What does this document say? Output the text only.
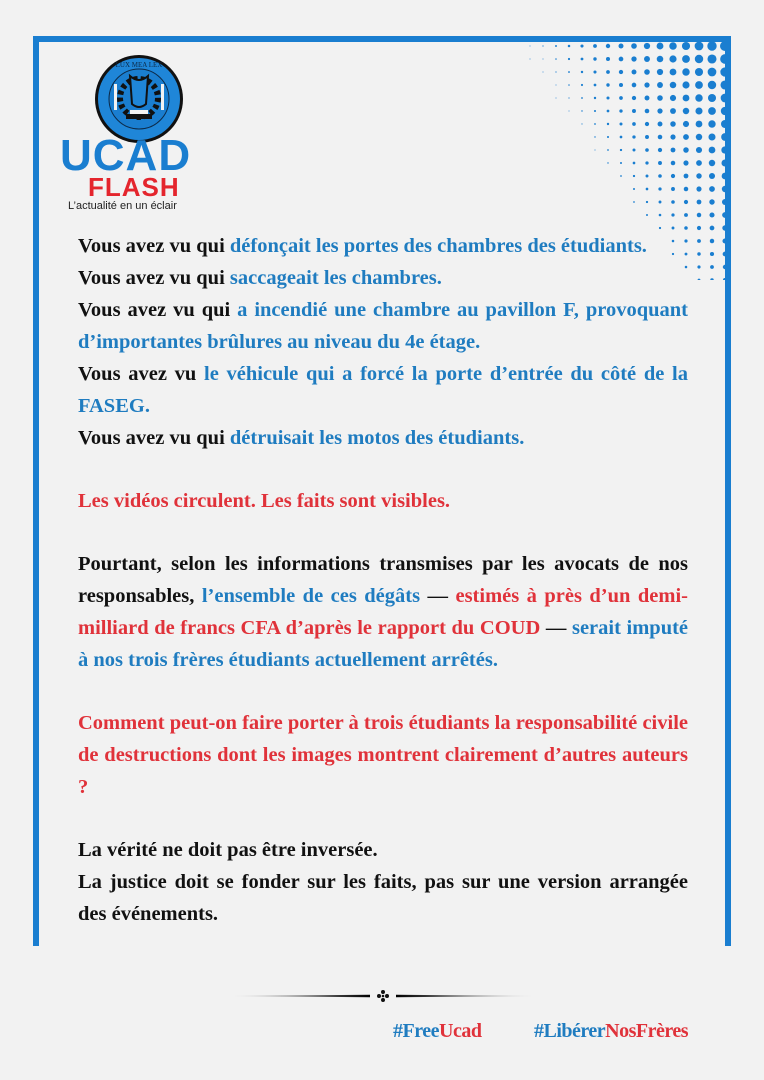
LUX MEA LEX
UCAD
FLASH
L’actualité en un éclair

Vous avez vu qui défonçait les portes des chambres des étudiants.

Vous avez vu qui saccageait les chambres.

Vous avez vu qui a incendié une chambre au pavillon F, provoquant d’importantes brûlures au niveau du 4e étage.

Vous avez vu le véhicule qui a forcé la porte d’entrée du côté de la FASEG.

Vous avez vu qui détruisait les motos des étudiants.

Les vidéos circulent. Les faits sont visibles.

Pourtant, selon les informations transmises par les avocats de nos responsables, l’ensemble de ces dégâts — estimés à près d’un demi-milliard de francs CFA d’après le rapport du COUD — serait imputé à nos trois frères étudiants actuellement arrêtés.

Comment peut-on faire porter à trois étudiants la responsabilité civile de destructions dont les images montrent clairement d’autres auteurs ?

La vérité ne doit pas être inversée.

La justice doit se fonder sur les faits, pas sur une version arrangée des événements.

#FreeUcad	#LibérerNosFrères
